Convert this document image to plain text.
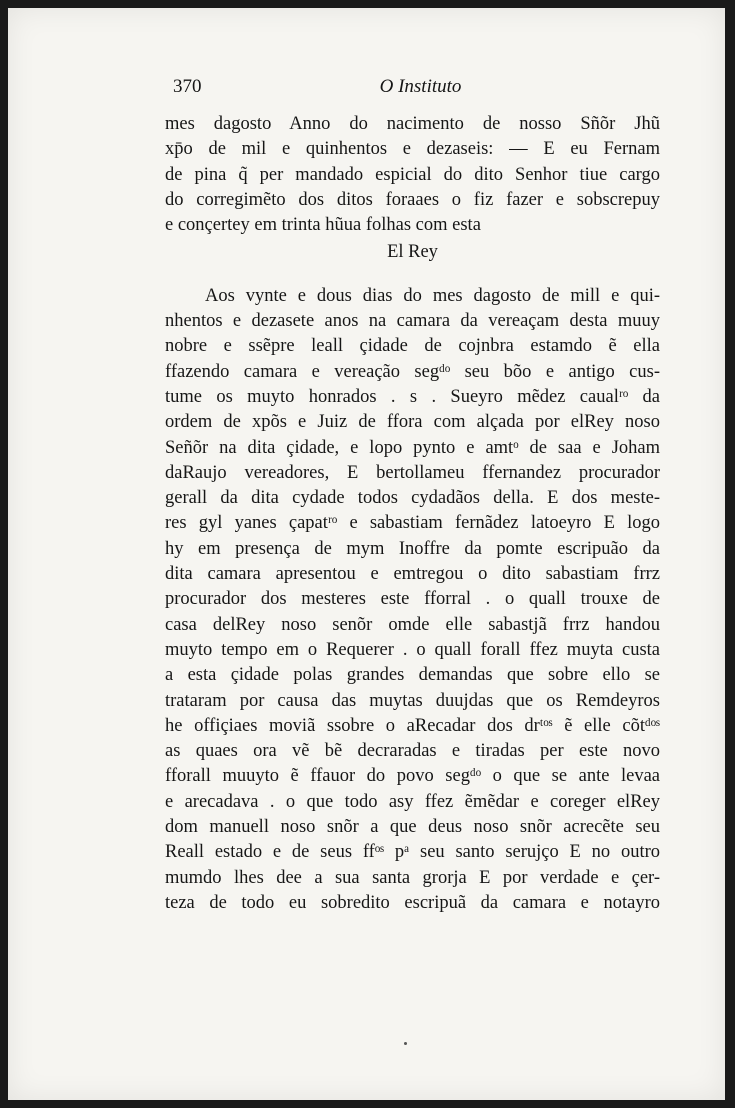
370	O Instituto
mes dagosto Anno do nacimento de nosso Sñõr Jhũ
xp̄o de mil e quinhentos e dezaseis: — E eu Fernam
de pina q̃ per mandado espicial do dito Senhor tiue cargo
do corregimẽto dos ditos foraaes o fiz fazer e sobscrepuy
e conçertey em trinta hũua folhas com esta
El Rey
Aos vynte e dous dias do mes dagosto de mill e qui-
nhentos e dezasete anos na camara da vereaçam desta muuy
nobre e ssẽpre leall çidade de cojnbra estamdo ẽ ella
ffazendo camara e vereação segᵈᵒ seu bõo e antigo cus-
tume os muyto honrados . s . Sueyro mẽdez caualʳᵒ da
ordem de xpõs e Juiz de ffora com alçada por elRey noso
Señõr na dita çidade, e lopo pynto e amtᵒ de saa e Joham
daRaujo vereadores, E bertollameu ffernandez procurador
gerall da dita cydade todos cydadãos della. E dos meste-
res gyl yanes çapatʳᵒ e sabastiam fernãdez latoeyro E logo
hy em presença de mym Inoffre da pomte escripuão da
dita camara apresentou e emtregou o dito sabastiam frrz
procurador dos mesteres este fforral . o quall trouxe de
casa delRey noso senõr omde elle sabastjã frrz handou
muyto tempo em o Requerer . o quall forall ffez muyta custa
a esta çidade polas grandes demandas que sobre ello se
trataram por causa das muytas duujdas que os Remdeyros
he offiçiaes moviã ssobre o aRecadar dos drᵗᵒˢ ẽ elle cõtᵈᵒˢ
as quaes ora vẽ bẽ decraradas e tiradas per este novo
fforall muuyto ẽ ffauor do povo segᵈᵒ o que se ante levaa
e arecadava . o que todo asy ffez ẽmẽdar e coreger elRey
dom manuell noso snõr a que deus noso snõr acrecẽte seu
Reall estado e de seus ffᵒˢ pᵃ seu santo serujço E no outro
mumdo lhes dee a sua santa grorja E por verdade e çer-
teza de todo eu sobredito escripuã da camara e notayro
